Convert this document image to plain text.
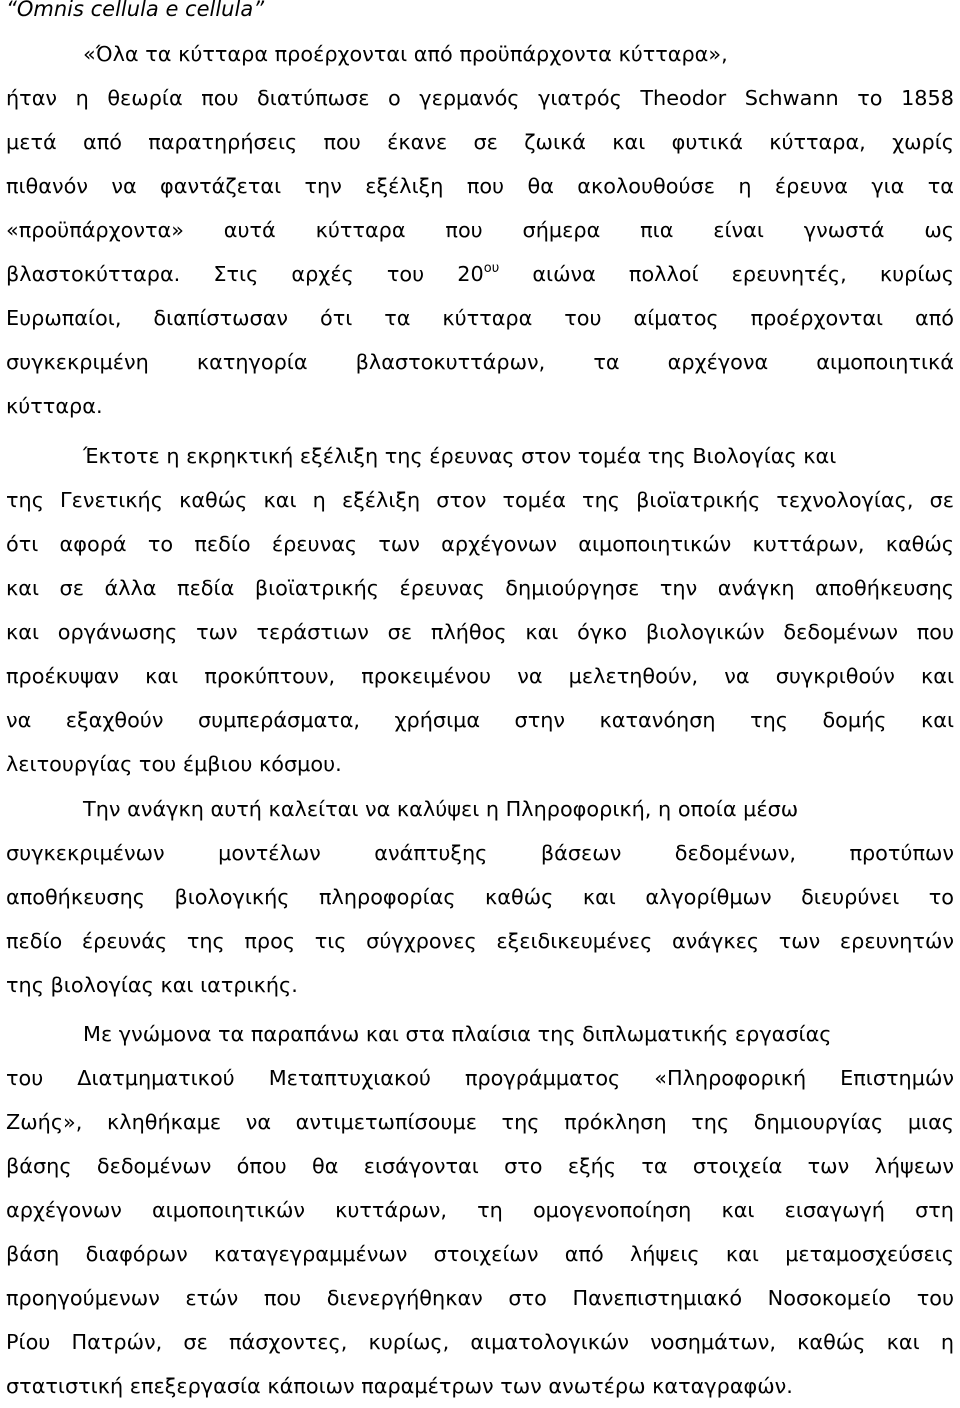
“Omnis cellula e cellula”

«Όλα τα κύτταρα προέρχονται από προϋπάρχοντα κύτταρα»,
ήταν η θεωρία που διατύπωσε ο γερμανός γιατρός Theodor Schwann το 1858
μετά από παρατηρήσεις που έκανε σε ζωικά και φυτικά κύτταρα, χωρίς
πιθανόν να φαντάζεται την εξέλιξη που θα ακολουθούσε η έρευνα για τα
«προϋπάρχοντα» αυτά κύτταρα που σήμερα πια είναι γνωστά ως
βλαστοκύτταρα. Στις αρχές του $20^{o\upsilon}$ αιώνα πολλοί ερευνητές, κυρίως
Ευρωπαίοι, διαπίστωσαν ότι τα κύτταρα του αίματος προέρχονται από
συγκεκριμένη κατηγορία βλαστοκυττάρων, τα αρχέγονα αιμοποιητικά
κύτταρα.
Έκτοτε η εκρηκτική εξέλιξη της έρευνας στον τομέα της Βιολογίας και
της Γενετικής καθώς και η εξέλιξη στον τομέα της βιοϊατρικής τεχνολογίας, σε
ότι αφορά το πεδίο έρευνας των αρχέγονων αιμοποιητικών κυττάρων, καθώς
και σε άλλα πεδία βιοϊατρικής έρευνας δημιούργησε την ανάγκη αποθήκευσης
και οργάνωσης των τεράστιων σε πλήθος και όγκο βιολογικών δεδομένων που
προέκυψαν και προκύπτουν, προκειμένου να μελετηθούν, να συγκριθούν και
να εξαχθούν συμπεράσματα, χρήσιμα στην κατανόηση της δομής και
λειτουργίας του έμβιου κόσμου.
Την ανάγκη αυτή καλείται να καλύψει η Πληροφορική, η οποία μέσω
συγκεκριμένων μοντέλων ανάπτυξης βάσεων δεδομένων, προτύπων
αποθήκευσης βιολογικής πληροφορίας καθώς και αλγορίθμων διευρύνει το
πεδίο έρευνάς της προς τις σύγχρονες εξειδικευμένες ανάγκες των ερευνητών
της βιολογίας και ιατρικής.
Με γνώμονα τα παραπάνω και στα πλαίσια της διπλωματικής εργασίας
του Διατμηματικού Μεταπτυχιακού προγράμματος «Πληροφορική Επιστημών
Ζωής», κληθήκαμε να αντιμετωπίσουμε της πρόκληση της δημιουργίας μιας
βάσης δεδομένων όπου θα εισάγονται στο εξής τα στοιχεία των λήψεων
αρχέγονων αιμοποιητικών κυττάρων, τη ομογενοποίηση και εισαγωγή στη
βάση διαφόρων καταγεγραμμένων στοιχείων από λήψεις και μεταμοσχεύσεις
προηγούμενων ετών που διενεργήθηκαν στο Πανεπιστημιακό Νοσοκομείο του
Ρίου Πατρών, σε πάσχοντες, κυρίως, αιματολογικών νοσημάτων, καθώς και η
στατιστική επεξεργασία κάποιων παραμέτρων των ανωτέρω καταγραφών.
